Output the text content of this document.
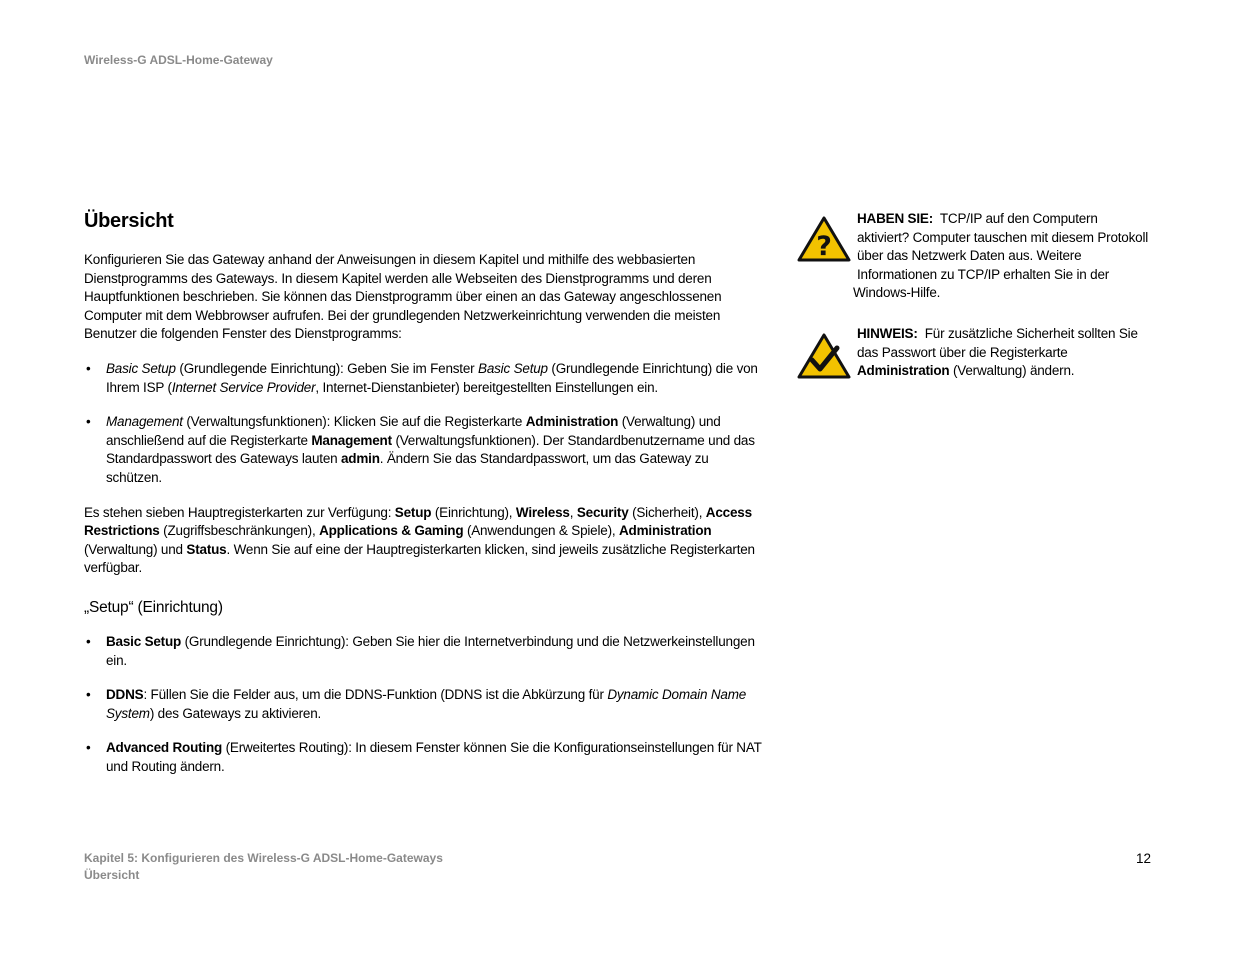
Wireless-G ADSL-Home-Gateway
Übersicht

Konfigurieren Sie das Gateway anhand der Anweisungen in diesem Kapitel und mithilfe des webbasierten Dienstprogramms des Gateways. In diesem Kapitel werden alle Webseiten des Dienstprogramms und deren Hauptfunktionen beschrieben. Sie können das Dienstprogramm über einen an das Gateway angeschlossenen Computer mit dem Webbrowser aufrufen. Bei der grundlegenden Netzwerkeinrichtung verwenden die meisten Benutzer die folgenden Fenster des Dienstprogramms:

• Basic Setup (Grundlegende Einrichtung): Geben Sie im Fenster Basic Setup (Grundlegende Einrichtung) die von Ihrem ISP (Internet Service Provider, Internet-Dienstanbieter) bereitgestellten Einstellungen ein.
• Management (Verwaltungsfunktionen): Klicken Sie auf die Registerkarte Administration (Verwaltung) und anschließend auf die Registerkarte Management (Verwaltungsfunktionen). Der Standardbenutzername und das Standardpasswort des Gateways lauten admin. Ändern Sie das Standardpasswort, um das Gateway zu schützen.

Es stehen sieben Hauptregisterkarten zur Verfügung: Setup (Einrichtung), Wireless, Security (Sicherheit), Access Restrictions (Zugriffsbeschränkungen), Applications & Gaming (Anwendungen & Spiele), Administration (Verwaltung) und Status. Wenn Sie auf eine der Hauptregisterkarten klicken, sind jeweils zusätzliche Registerkarten verfügbar.

„Setup“ (Einrichtung)
• Basic Setup (Grundlegende Einrichtung): Geben Sie hier die Internetverbindung und die Netzwerkeinstellungen ein.
• DDNS: Füllen Sie die Felder aus, um die DDNS-Funktion (DDNS ist die Abkürzung für Dynamic Domain Name System) des Gateways zu aktivieren.
• Advanced Routing (Erweitertes Routing): In diesem Fenster können Sie die Konfigurationseinstellungen für NAT und Routing ändern.
?
HABEN SIE: TCP/IP auf den Computern aktiviert? Computer tauschen mit diesem Protokoll über das Netzwerk Daten aus. Weitere Informationen zu TCP/IP erhalten Sie in der
Windows-Hilfe.
HINWEIS: Für zusätzliche Sicherheit sollten Sie das Passwort über die Registerkarte Administration (Verwaltung) ändern.
Kapitel 5: Konfigurieren des Wireless-G ADSL-Home-Gateways
Übersicht
12
